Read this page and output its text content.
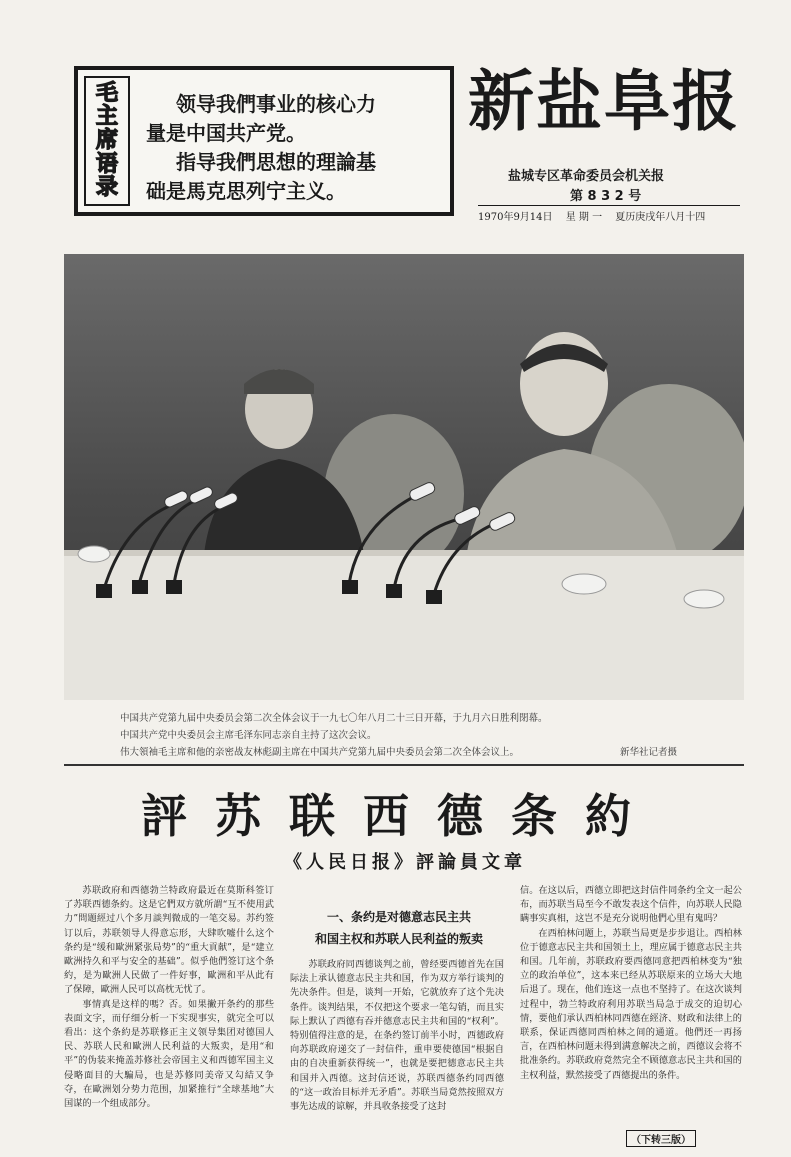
毛
主
席
语
录
领导我們事业的核心力
量是中国共产党。
指导我們思想的理論基
础是馬克思列宁主义。
新盐阜报
盐城专区革命委员会机关报
第 8 3 2 号
1970年9月14日 星 期 一 夏历庚戌年八月十四
中国共产党第九届中央委员会第二次全体会议于一九七〇年八月二十三日开幕，于九月六日胜利閉幕。
中国共产党中央委员会主席毛泽东同志亲自主持了这次会议。
伟大領袖毛主席和他的亲密战友林彪副主席在中国共产党第九届中央委员会第二次全体会议上。	新华社记者摄
評苏联西德条約
《人民日报》評論員文章

苏联政府和西德勃兰特政府最近在莫斯科签订了苏联西德条約。这是它們双方就所謂“互不使用武力”問題經过八个多月談判微成的一笔交易。苏约签订以后，苏联领导人得意忘形，大肆吹嘘什么这个条约是“缓和歐洲紧张局势”的“重大貢献”，是“建立歐洲持久和平与安全的基础”。似乎他們签订这个条約，是为歐洲人民做了一件好事，歐洲和平从此有了保障，歐洲人民可以高枕无忧了。

事情真是这样的嗎？否。如果撇开条约的那些表面文字，而仔细分析一下实现事实，就完全可以看出：这个条約是苏联修正主义领导集团对德国人民、苏联人民和歐洲人民利益的大叛卖，是用“和平”的伪装来掩盖苏修社会帝国主义和西德军国主义侵略面目的大騙局，也是苏修同美帝又勾結又争夺，在歐洲划分势力范围，加紧推行“全球基地”大国谋的一个组成部分。

一、条约是对德意志民主共
和国主权和苏联人民利益的叛卖

苏联政府同西德谈判之前，曾经要西德首先在国际法上承认德意志民主共和国，作为双方举行谈判的先决条件。但是，谈判一开始，它就放弃了这个先决条件。谈判结果，不仅把这个要求一笔勾销，而且实际上默认了西德有吞并德意志民主共和国的“权利”。特别值得注意的是，在条约签订前半小时，西德政府向苏联政府递交了一封信件，重申要使德国“根据自由的自决重新获得统一”，也就是要把德意志民主共和国并入西德。这封信还说，苏联西德条约同西德的“这一政治目标并无矛盾”。苏联当局竟然按照双方事先达成的谅解，并具收条接受了这封

信。在这以后，西德立即把这封信件同条约全文一起公布，而苏联当局至今不敢发表这个信件，向苏联人民隐瞒事实真相，这岂不是充分说明他們心里有鬼吗？

在西柏林问题上，苏联当局更是步步退让。西柏林位于德意志民主共和国领土上，理应属于德意志民主共和国。几年前，苏联政府要西德同意把西柏林变为“独立的政治单位”，这本来已经从苏联原来的立场大大地后退了。现在，他们连这一点也不坚持了。在这次谈判过程中，勃兰特政府利用苏联当局急于成交的迫切心情，要他们承认西柏林同西德在經济、财政和法律上的联系，保证西德同西柏林之间的通道。他們还一再扬言，在西柏林问题未得到满意解决之前，西德议会将不批准条约。苏联政府竟然完全不顾德意志民主共和国的主权利益，默然接受了西德提出的条件。

（下转三版）
